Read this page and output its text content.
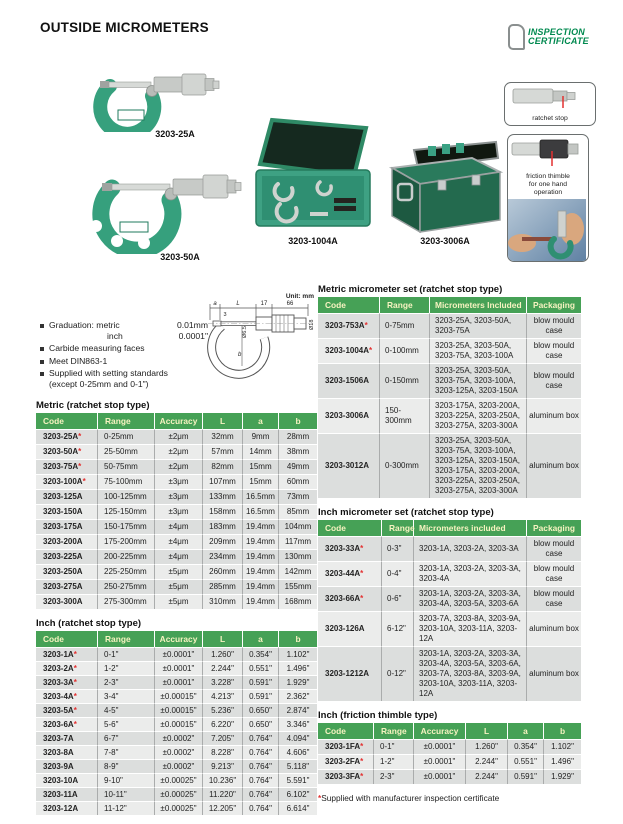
OUTSIDE MICROMETERS	INSPECTION
CERTIFICATE
3203-25A
3203-50A
3203-1004A	3203-3006A
ratchet stop
friction thimble
for one hand
operation
Graduation: metric	0.01mm
inch	0.0001"
Carbide measuring faces
Meet DIN863-1
Supplied with setting standards
(except 0-25mm and 0-1")
Unit: mm
a	L	17	66
3
Ø6.5
Ø18
b
Metric (ratchet stop type)
Code	Range	Accuracy	L	a	b
3203-25A*	0-25mm	±2μm	32mm	9mm	28mm
3203-50A*	25-50mm	±2μm	57mm	14mm	38mm
3203-75A*	50-75mm	±2μm	82mm	15mm	49mm
3203-100A*	75-100mm	±3μm	107mm	15mm	60mm
3203-125A	100-125mm	±3μm	133mm	16.5mm	73mm
3203-150A	125-150mm	±3μm	158mm	16.5mm	85mm
3203-175A	150-175mm	±4μm	183mm	19.4mm	104mm
3203-200A	175-200mm	±4μm	209mm	19.4mm	117mm
3203-225A	200-225mm	±4μm	234mm	19.4mm	130mm
3203-250A	225-250mm	±5μm	260mm	19.4mm	142mm
3203-275A	250-275mm	±5μm	285mm	19.4mm	155mm
3203-300A	275-300mm	±5μm	310mm	19.4mm	168mm
Inch (ratchet stop type)
Code	Range	Accuracy	L	a	b
3203-1A*	0-1"	±0.0001"	1.260"	0.354"	1.102"
3203-2A*	1-2"	±0.0001"	2.244"	0.551"	1.496"
3203-3A*	2-3"	±0.0001"	3.228"	0.591"	1.929"
3203-4A*	3-4"	±0.00015"	4.213"	0.591"	2.362"
3203-5A*	4-5"	±0.00015"	5.236"	0.650"	2.874"
3203-6A*	5-6"	±0.00015"	6.220"	0.650"	3.346"
3203-7A	6-7"	±0.0002"	7.205"	0.764"	4.094"
3203-8A	7-8"	±0.0002"	8.228"	0.764"	4.606"
3203-9A	8-9"	±0.0002"	9.213"	0.764"	5.118"
3203-10A	9-10"	±0.00025"	10.236"	0.764"	5.591"
3203-11A	10-11"	±0.00025"	11.220"	0.764"	6.102"
3203-12A	11-12"	±0.00025"	12.205"	0.764"	6.614"
Metric micrometer set (ratchet stop type)
Code	Range	Micrometers Included	Packaging
3203-753A*	0-75mm	3203-25A, 3203-50A, 3203-75A	blow mould case
3203-1004A*	0-100mm	3203-25A, 3203-50A, 3203-75A, 3203-100A	blow mould case
3203-1506A	0-150mm	3203-25A, 3203-50A, 3203-75A, 3203-100A, 3203-125A, 3203-150A	blow mould case
3203-3006A	150-300mm	3203-175A, 3203-200A, 3203-225A, 3203-250A, 3203-275A, 3203-300A	aluminum box
3203-3012A	0-300mm	3203-25A, 3203-50A, 3203-75A, 3203-100A, 3203-125A, 3203-150A, 3203-175A, 3203-200A, 3203-225A, 3203-250A, 3203-275A, 3203-300A	aluminum box
Inch micrometer set (ratchet stop type)
Code	Range	Micrometers included	Packaging
3203-33A*	0-3"	3203-1A, 3203-2A, 3203-3A	blow mould case
3203-44A*	0-4"	3203-1A, 3203-2A, 3203-3A, 3203-4A	blow mould case
3203-66A*	0-6"	3203-1A, 3203-2A, 3203-3A, 3203-4A, 3203-5A, 3203-6A	blow mould case
3203-126A	6-12"	3203-7A, 3203-8A, 3203-9A, 3203-10A, 3203-11A, 3203-12A	aluminum box
3203-1212A	0-12"	3203-1A, 3203-2A, 3203-3A, 3203-4A, 3203-5A, 3203-6A, 3203-7A, 3203-8A, 3203-9A, 3203-10A, 3203-11A, 3203-12A	aluminum box
Inch (friction thimble type)
Code	Range	Accuracy	L	a	b
3203-1FA*	0-1"	±0.0001"	1.260"	0.354"	1.102"
3203-2FA*	1-2"	±0.0001"	2.244"	0.551"	1.496"
3203-3FA*	2-3"	±0.0001"	2.244"	0.591"	1.929"
*Supplied with manufacturer inspection certificate
